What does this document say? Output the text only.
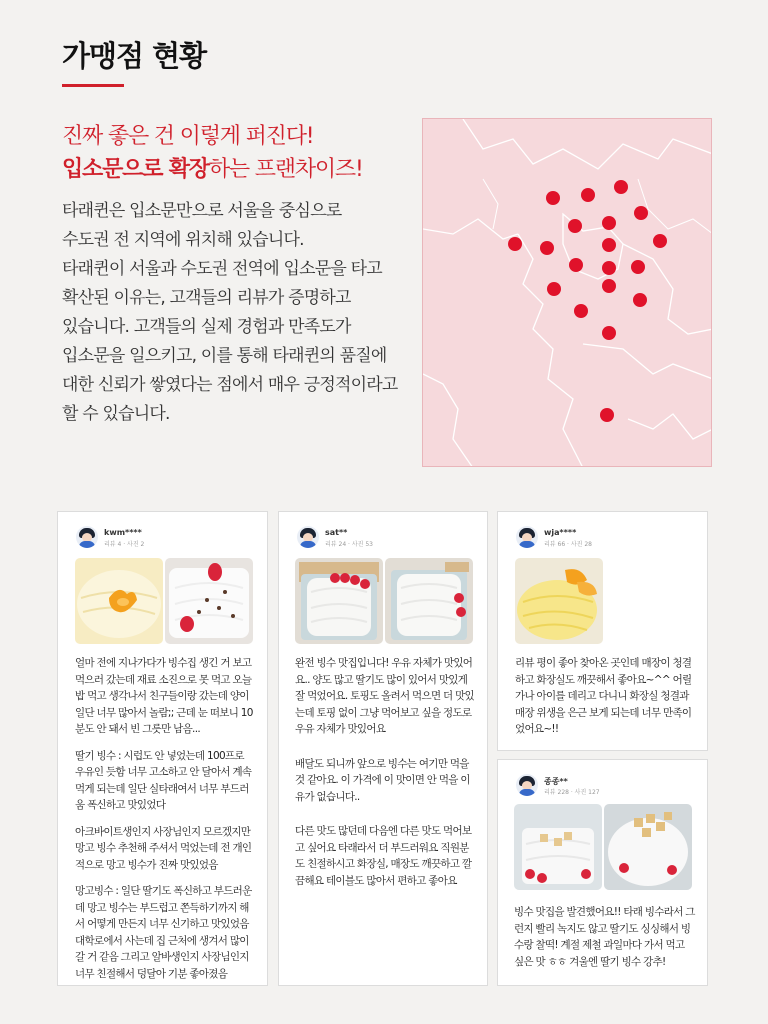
가맹점 현황
진짜 좋은 건 이렇게 퍼진다!
입소문으로 확장하는 프랜차이즈!

타래퀸은 입소문만으로 서울을 중심으로

수도권 전 지역에 위치해 있습니다.

타래퀸이 서울과 수도권 전역에 입소문을 타고

확산된 이유는, 고객들의 리뷰가 증명하고

있습니다. 고객들의 실제 경험과 만족도가

입소문을 일으키고, 이를 통해 타래퀸의 품질에

대한 신뢰가 쌓였다는 점에서 매우 긍정적이라고

할 수 있습니다.

kwm****
리뷰 4 · 사진 2

얼마 전에 지나가다가 빙수집 생긴 거 보고 먹으러 갔는데 재료 소진으로 못 먹고 오늘 밥 먹고 생각나서 친구들이랑 갔는데 양이 일단 너무 많아서 놀람;; 근데 눈 떠보니 10분도 안 돼서 빈 그릇만 남음...

딸기 빙수 : 시럽도 안 넣었는데 100프로 우유인 듯함 너무 고소하고 안 달아서 계속 먹게 되는데 일단 실타래여서 너무 부드러움 폭신하고 맛있었다

아크바이트생인지 사장님인지 모르겠지만 망고 빙수 추천해 주셔서 먹었는데 전 개인적으로 망고 빙수가 진짜 맛있었음

망고빙수 : 일단 딸기도 폭신하고 부드러운데 망고 빙수는 부드럽고 쫀득하기까지 해서 어떻게 만든지 너무 신기하고 맛있었음 대학로에서 사는데 집 근처에 생겨서 많이 갈 거 같음 그리고 알바생인지 사장님인지 너무 친절해서 덩달아 기분 좋아졌음

sat**
리뷰 24 · 사진 53

완전 빙수 맛집입니다! 우유 자체가 맛있어요.. 양도 많고 딸기도 많이 있어서 맛있게 잘 먹었어요. 토핑도 올려서 먹으면 더 맛있는데 토핑 없이 그냥 먹어보고 싶을 정도로 우유 자체가 맛있어요

배달도 되니까 앞으로 빙수는 여기만 먹을 것 같아요. 이 가격에 이 맛이면 안 먹을 이유가 없습니다..

다른 맛도 많던데 다음엔 다른 맛도 먹어보고 싶어요 타래라서 더 부드러워요 직원분도 친절하시고 화장실, 매장도 깨끗하고 깔끔해요 테이블도 많아서 편하고 좋아요

wja****
리뷰 66 · 사진 28

리뷰 평이 좋아 찾아온 곳인데 매장이 청결하고 화장실도 깨끗해서 좋아요~^^ 어릴 가나 아이를 데리고 다니니 화장실 청결과 매장 위생을 은근 보게 되는데 너무 만족이었어요~!!

종종**
리뷰 228 · 사진 127

빙수 맛집을 발견했어요!! 타래 빙수라서 그런지 빨리 녹지도 않고 딸기도 싱싱해서 빙수랑 찰떡! 계절 제철 과일마다 가서 먹고 싶은 맛 ㅎㅎ 겨울엔 딸기 빙수 강추!
